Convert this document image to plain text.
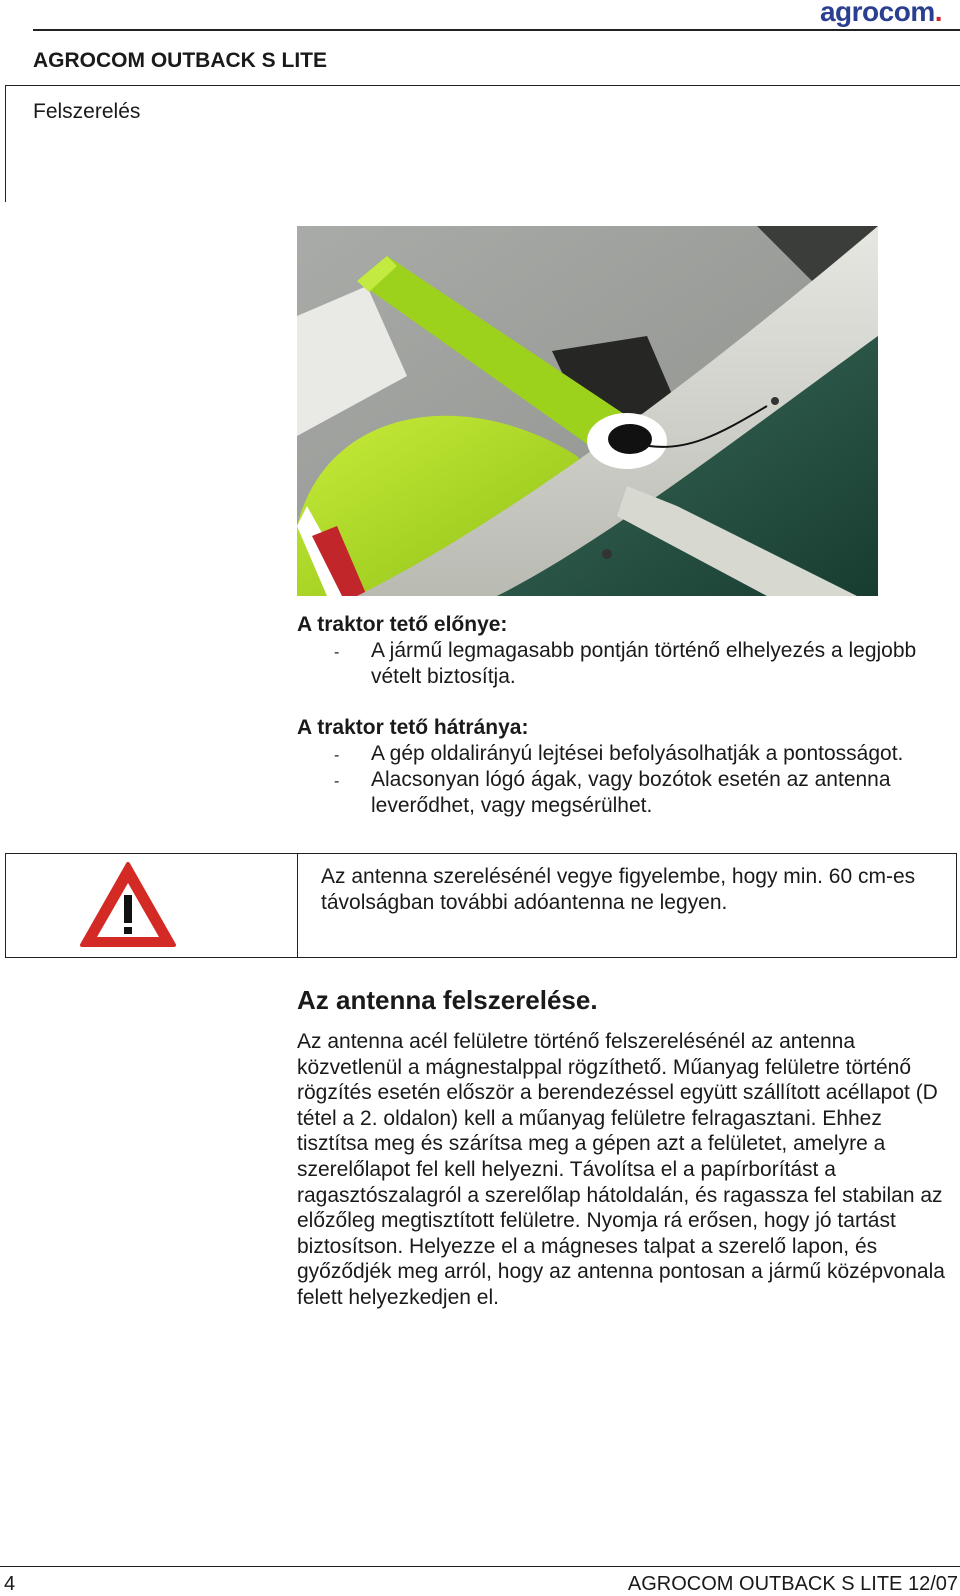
agrocom.
AGROCOM OUTBACK S LITE
Felszerelés
A traktor tető előnye:
- A jármű legmagasabb pontján történő elhelyezés a legjobb vételt biztosítja.
A traktor tető hátránya:
- A gép oldalirányú lejtései befolyásolhatják a pontosságot.
- Alacsonyan lógó ágak, vagy bozótok esetén az antenna leverődhet, vagy megsérülhet.
Az antenna szerelésénél vegye figyelembe, hogy min. 60 cm-es távolságban további adóantenna ne legyen.
Az antenna felszerelése.
Az antenna acél felületre történő felszerelésénél az antenna közvetlenül a mágnestalppal rögzíthető. Műanyag felületre történő rögzítés esetén először a berendezéssel együtt szállított acéllapot (D tétel a 2. oldalon) kell a műanyag felületre felragasztani. Ehhez tisztítsa meg és szárítsa meg a gépen azt a felületet, amelyre a szerelőlapot fel kell helyezni. Távolítsa el a papírborítást a ragasztószalagról a szerelőlap hátoldalán, és ragassza fel stabilan az előzőleg megtisztított felületre. Nyomja rá erősen, hogy jó tartást biztosítson. Helyezze el a mágneses talpat a szerelő lapon, és győződjék meg arról, hogy az antenna pontosan a jármű középvonala felett helyezkedjen el.
4	AGROCOM OUTBACK S LITE 12/07
